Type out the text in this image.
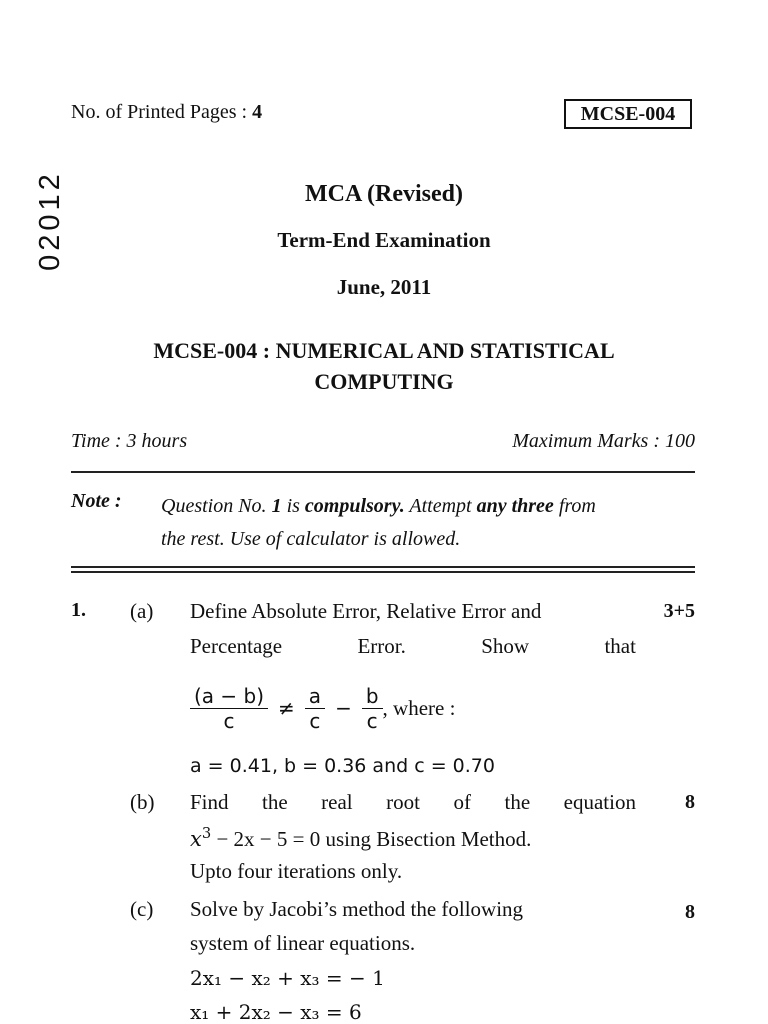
No. of Printed Pages : 4	MCSE-004
02012	MCA (Revised)
Term-End Examination
June, 2011
MCSE-004 : NUMERICAL AND STATISTICAL
COMPUTING
Time : 3 hours	Maximum Marks : 100
Note : Question No. 1 is compulsory. Attempt any three from
the rest. Use of calculator is allowed.
1. (a) Define Absolute Error, Relative Error and	3+5
Percentage	Error.	Show	that
$\frac{(a - b)}{c} \ne \frac{a}{c} - \frac{b}{c}$ , where :
a = 0.41, b = 0.36 and c = 0.70
(b) Find the real root of the equation 8
$x^3 - 2x - 5 = 0$ using Bisection Method.
Upto four iterations only.
(c) Solve by Jacobi’s method the following	8
system of linear equations.
2x₁ − x₂ + x₃ = − 1
x₁ + 2x₂ − x₃ = 6
